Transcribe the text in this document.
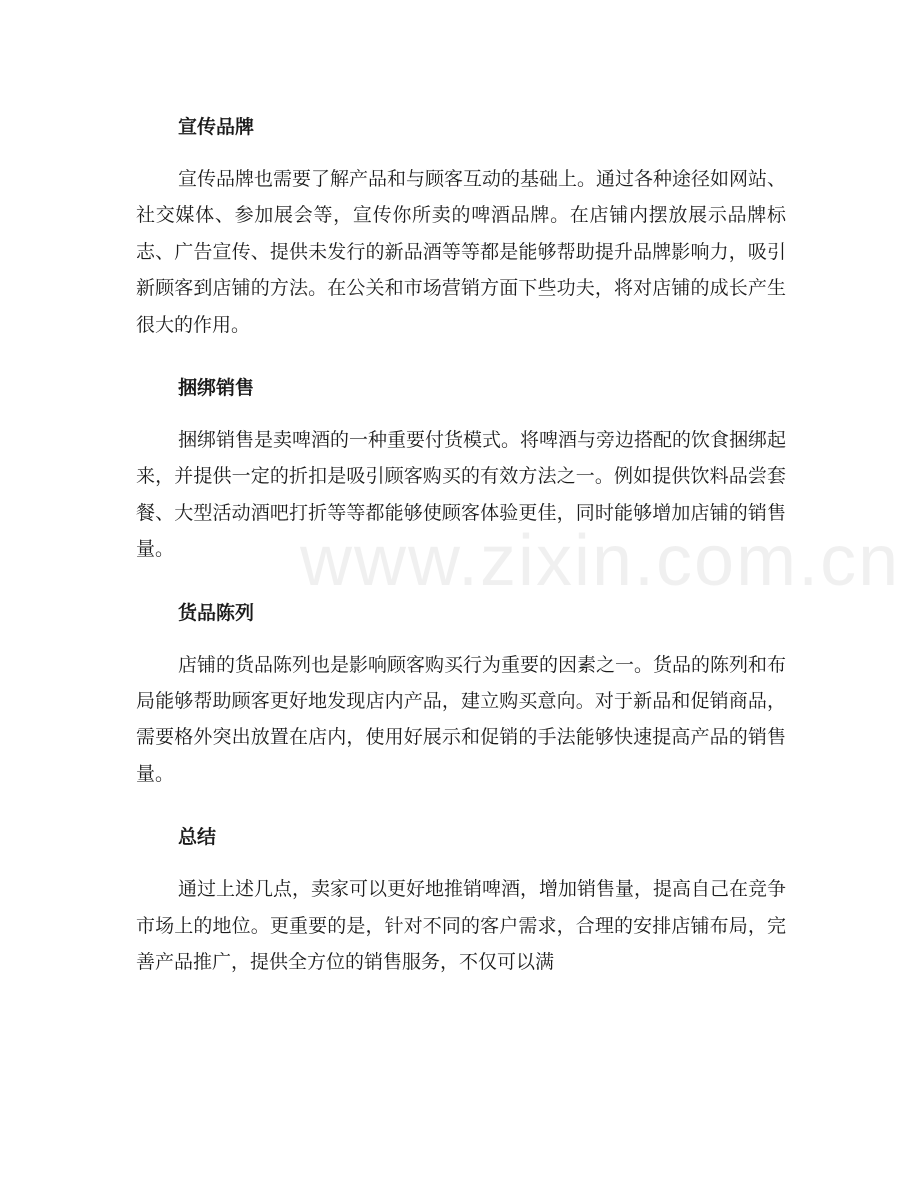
www.zixin.com.cn
宣传品牌

宣传品牌也需要了解产品和与顾客互动的基础上。通过各种途径如网站、社交媒体、参加展会等，宣传你所卖的啤酒品牌。在店铺内摆放展示品牌标志、广告宣传、提供未发行的新品酒等等都是能够帮助提升品牌影响力，吸引新顾客到店铺的方法。在公关和市场营销方面下些功夫，将对店铺的成长产生很大的作用。

捆绑销售

捆绑销售是卖啤酒的一种重要付货模式。将啤酒与旁边搭配的饮食捆绑起来，并提供一定的折扣是吸引顾客购买的有效方法之一。例如提供饮料品尝套餐、大型活动酒吧打折等等都能够使顾客体验更佳，同时能够增加店铺的销售量。

货品陈列

店铺的货品陈列也是影响顾客购买行为重要的因素之一。货品的陈列和布局能够帮助顾客更好地发现店内产品，建立购买意向。对于新品和促销商品，需要格外突出放置在店内，使用好展示和促销的手法能够快速提高产品的销售量。

总结

通过上述几点，卖家可以更好地推销啤酒，增加销售量，提高自己在竞争市场上的地位。更重要的是，针对不同的客户需求，合理的安排店铺布局，完善产品推广，提供全方位的销售服务，不仅可以满
